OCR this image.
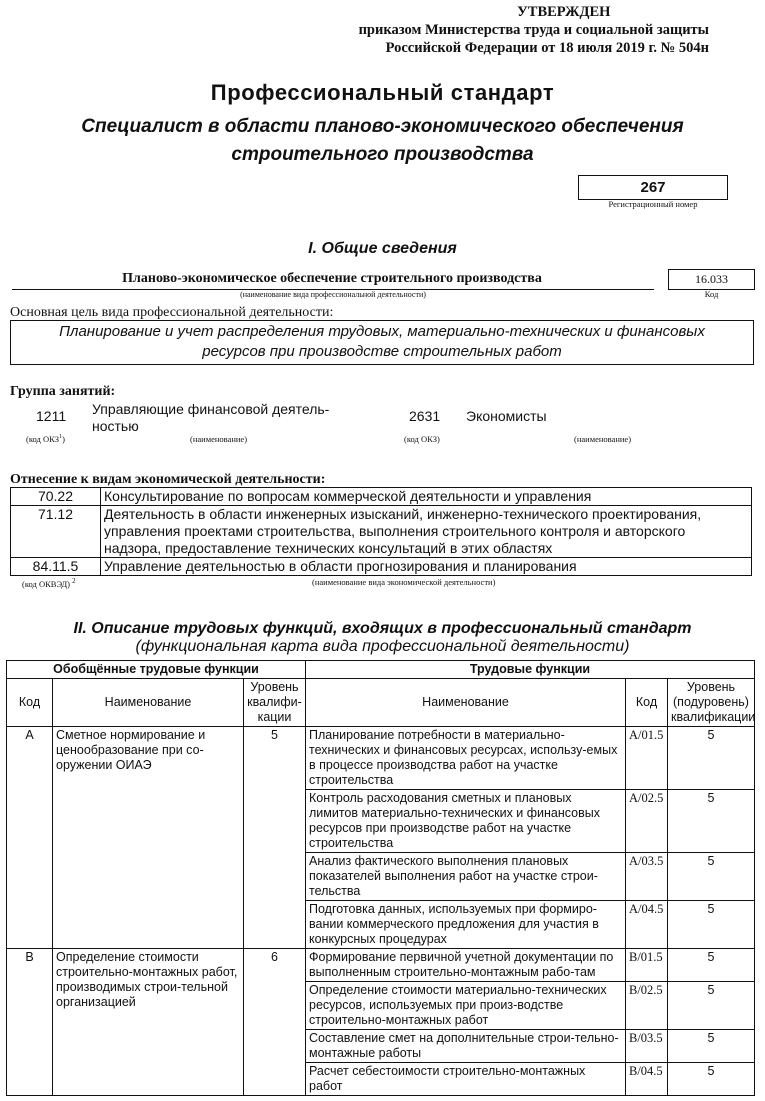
УТВЕРЖДЕН
приказом Министерства труда и социальной защиты
Российской Федерации от 18 июля 2019 г. № 504н
Профессиональный стандарт
Специалист в области планово-экономического обеспечения
строительного производства
267
Регистрационный номер
I. Общие сведения
Планово-экономическое обеспечение строительного производства
(наименование вида профессиональной деятельности)
16.033
Код
Основная цель вида профессиональной деятельности:
Планирование и учет распределения трудовых, материально-технических и финансовых
ресурсов при производстве строительных работ
Группа занятий:
1211 Управляющие финансовой деятель-
ностью
2631 Экономисты
(код ОКЗ$^1$)	(наименование)	(код ОКЗ)	(наименование)
Отнесение к видам экономической деятельности:
70.22	Консультирование по вопросам коммерческой деятельности и управления

71.12	Деятельность в области инженерных изысканий, инженерно-технического проектирования,
управления проектами строительства, выполнения строительного контроля и авторского
надзора, предоставление технических консультаций в этих областях

84.11.5	Управление деятельностью в области прогнозирования и планирования
(код ОКВЭД) $^2$	(наименование вида экономической деятельности)
II. Описание трудовых функций, входящих в профессиональный стандарт
(функциональная карта вида профессиональной деятельности)
Обобщённые трудовые функции			Трудовые функции		
Код	Наименование	Уровень квалифи-кации	Наименование	Код	Уровень (подуровень) квалификации
A	Сметное нормирование и ценообразование при со-оружении ОИАЭ	5	Планирование потребности в материально-технических и финансовых ресурсах, использу-емых в процессе производства работ на участке строительства	A/01.5	5
			Контроль расходования сметных и плановых лимитов материально-технических и финансовых ресурсов при производстве работ на участке строительства	A/02.5	5
			Анализ фактического выполнения плановых показателей выполнения работ на участке строи-тельства	A/03.5	5
			Подготовка данных, используемых при формиро-вании коммерческого предложения для участия в конкурсных процедурах	A/04.5	5
B	Определение стоимости строительно-монтажных работ, производимых строи-тельной организацией	6	Формирование первичной учетной документации по выполненным строительно-монтажным рабо-там	B/01.5	5
			Определение стоимости материально-технических ресурсов, используемых при произ-водстве строительно-монтажных работ	B/02.5	5
			Составление смет на дополнительные строи-тельно-монтажные работы	B/03.5	5
			Расчет себестоимости строительно-монтажных работ	B/04.5	5
